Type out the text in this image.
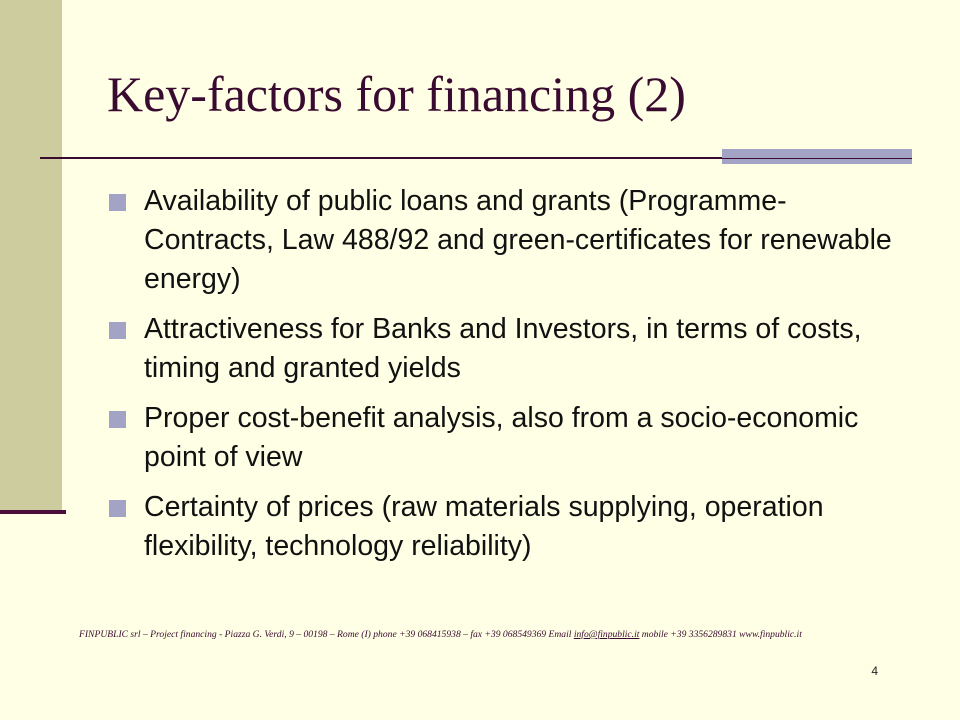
Key-factors for financing (2)
Availability of public loans and grants (Programme-Contracts, Law 488/92 and green-certificates for renewable energy)
Attractiveness for Banks and Investors, in terms of costs, timing and granted yields
Proper cost-benefit analysis, also from a socio-economic point of view
Certainty of prices (raw materials supplying, operation flexibility, technology reliability)
FINPUBLIC srl – Project financing - Piazza G. Verdi, 9 – 00198 – Rome (I) phone +39 068415938 – fax +39 068549369 Email info@finpublic.it mobile +39 3356289831 www.finpublic.it
4
